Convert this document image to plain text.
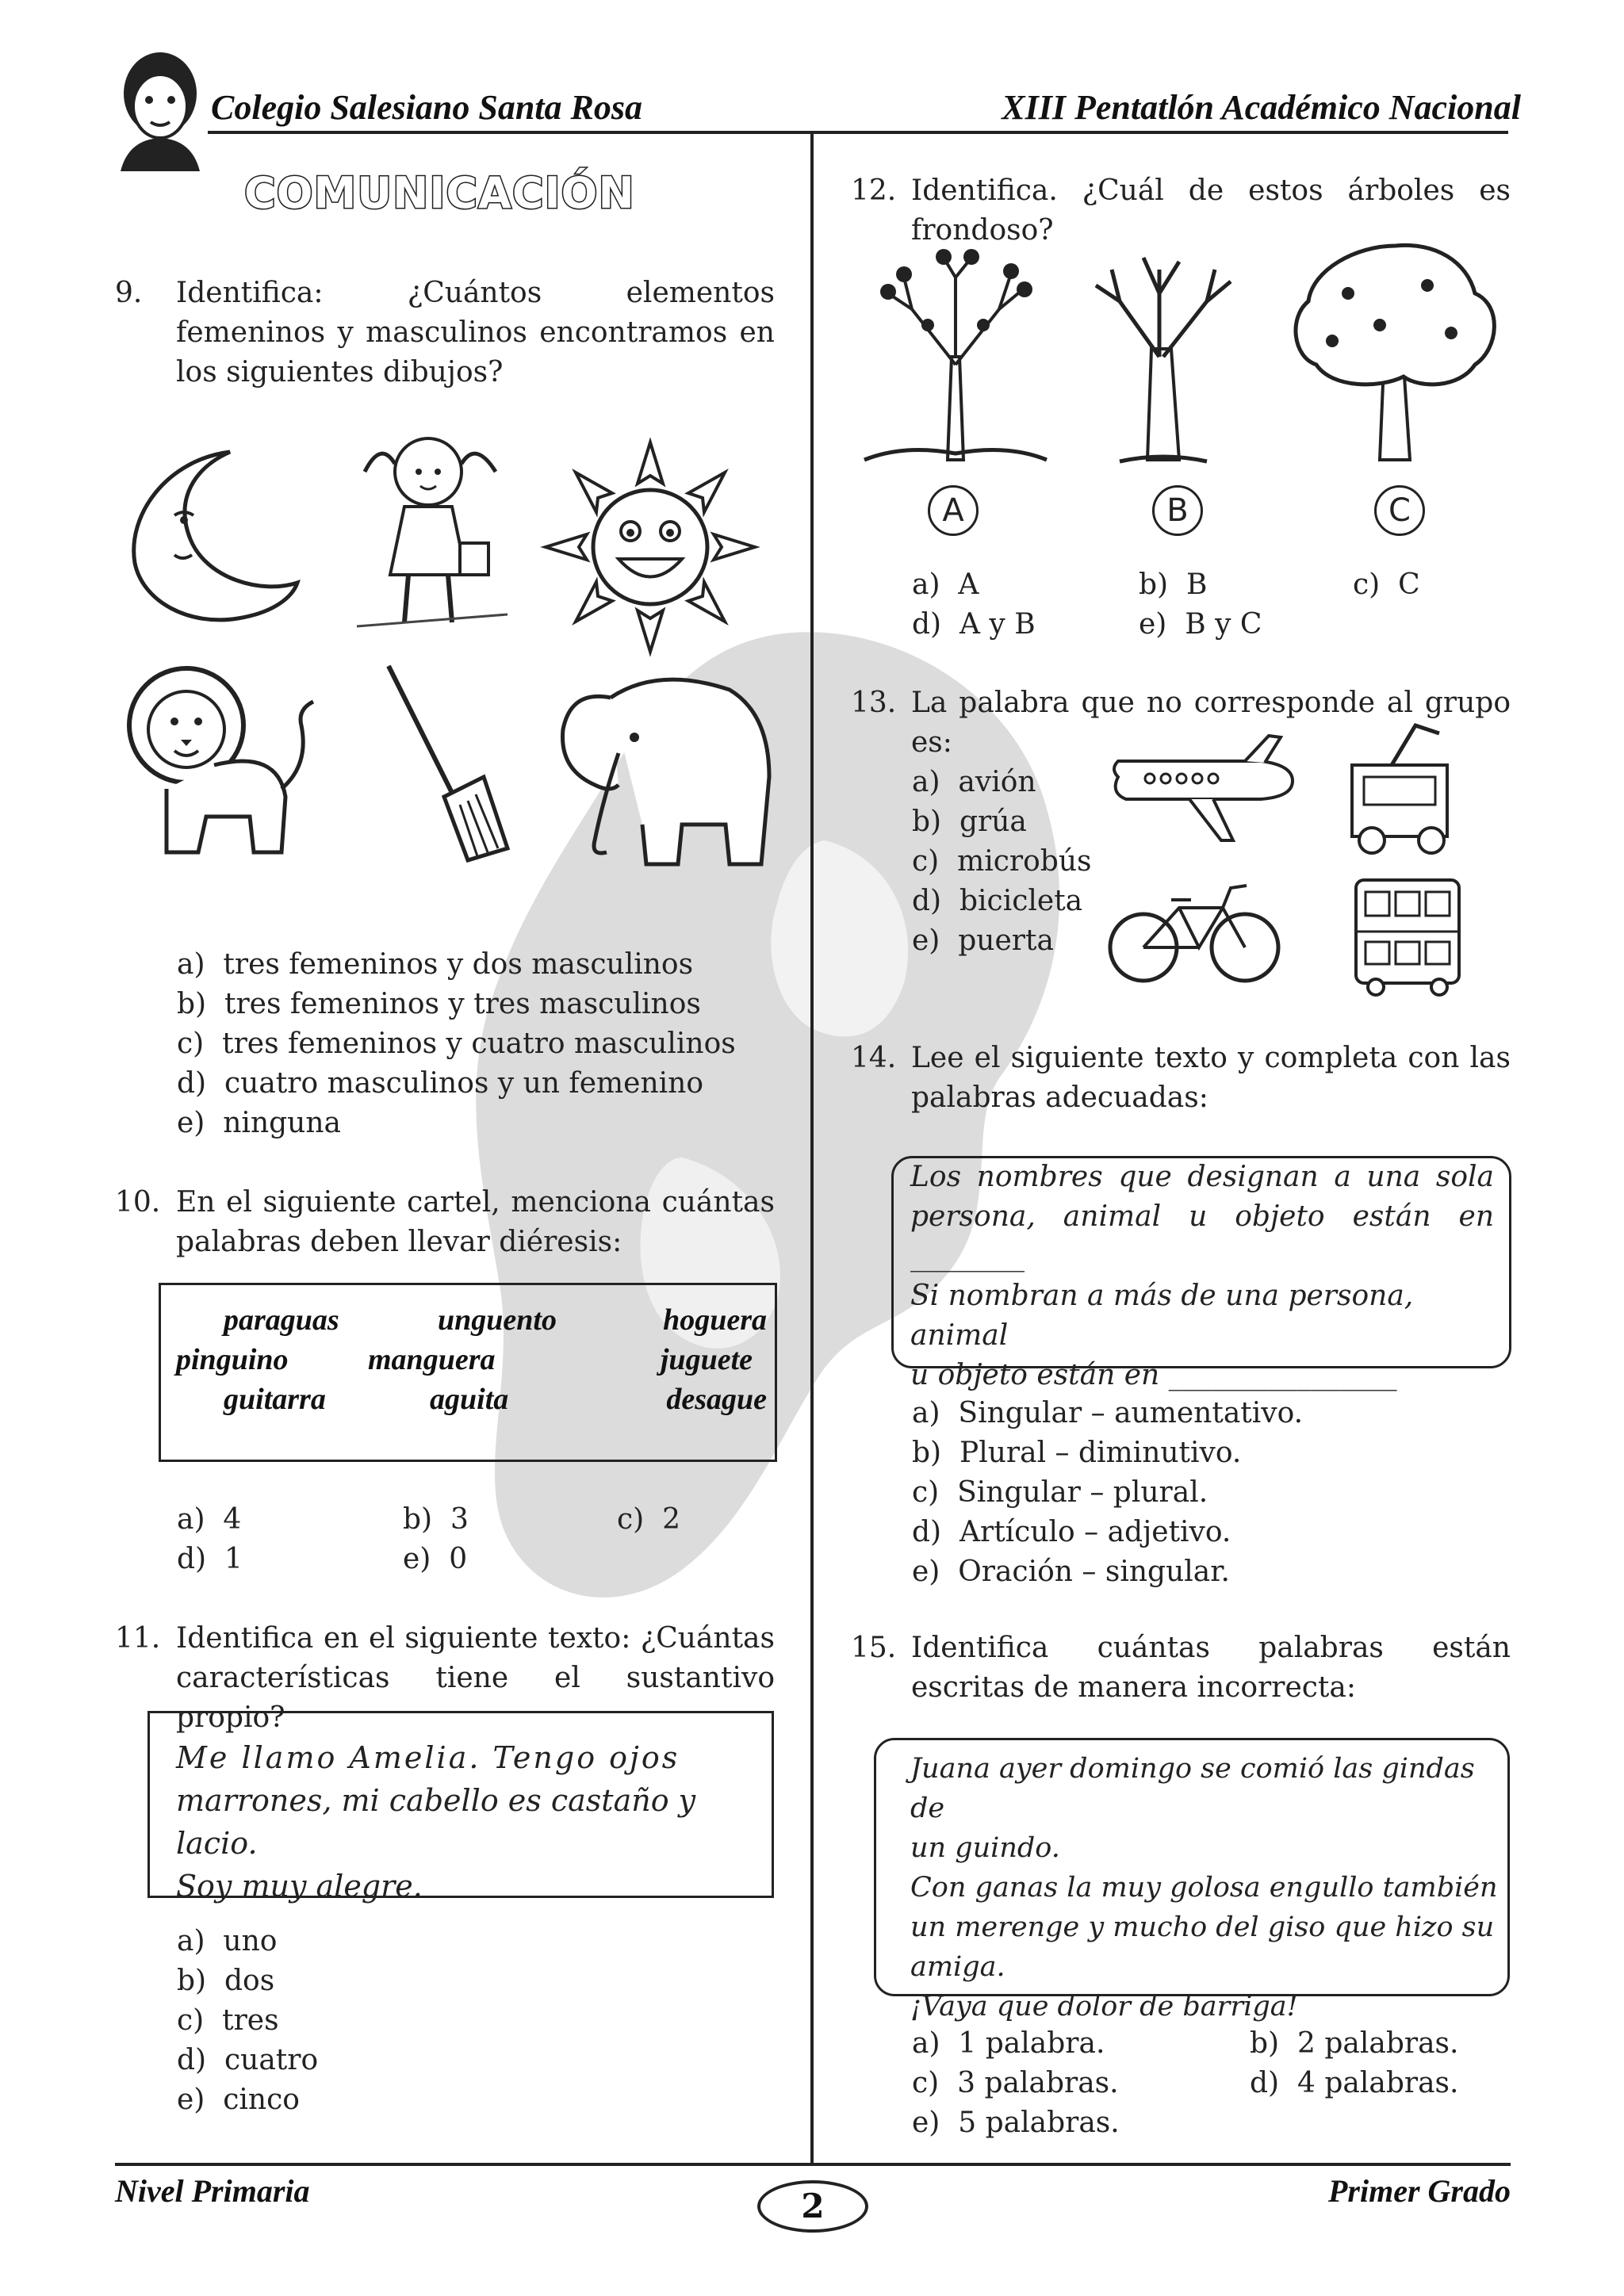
Colegio Salesiano Santa Rosa	XIII Pentatlón Académico Nacional
COMUNICACIÓN
9. Identifica: ¿Cuántos elementos femeninos y masculinos encontramos en los siguientes dibujos?
a) tres femeninos y dos masculinos
b) tres femeninos y tres masculinos
c) tres femeninos y cuatro masculinos
d) cuatro masculinos y un femenino
e) ninguna
10. En el siguiente cartel, menciona cuántas palabras deben llevar diéresis:
paraguas	unguento	hoguera
pinguino	manguera	juguete
guitarra	aguita	desague
a) 4	b) 3	c) 2
d) 1	e) 0
11. Identifica en el siguiente texto: ¿Cuántas características tiene el sustantivo propio?
Me llamo Amelia. Tengo ojos
marrones, mi cabello es castaño y lacio.
Soy muy alegre.
a) uno
b) dos
c) tres
d) cuatro
e) cinco
12. Identifica. ¿Cuál de estos árboles es frondoso?
A	B	C
a) A	b) B	c) C
d) A y B	e) B y C
13. La palabra que no corresponde al grupo es:
a) avión
b) grúa
c) microbús
d) bicicleta
e) puerta
14. Lee el siguiente texto y completa con las palabras adecuadas:
Los nombres que designan a una sola
persona, animal u objeto están en
________
Si nombran a más de una persona, animal
u objeto están en ________________
a) Singular – aumentativo.
b) Plural – diminutivo.
c) Singular – plural.
d) Artículo – adjetivo.
e) Oración – singular.
15. Identifica cuántas palabras están escritas de manera incorrecta:
Juana ayer domingo se comió las gindas de
un guindo.
Con ganas la muy golosa engullo también
un merenge y mucho del giso que hizo su
amiga.
¡Vaya que dolor de barriga!
a) 1 palabra.	b) 2 palabras.
c) 3 palabras.	d) 4 palabras.
e) 5 palabras.
Nivel Primaria	Primer Grado
2
